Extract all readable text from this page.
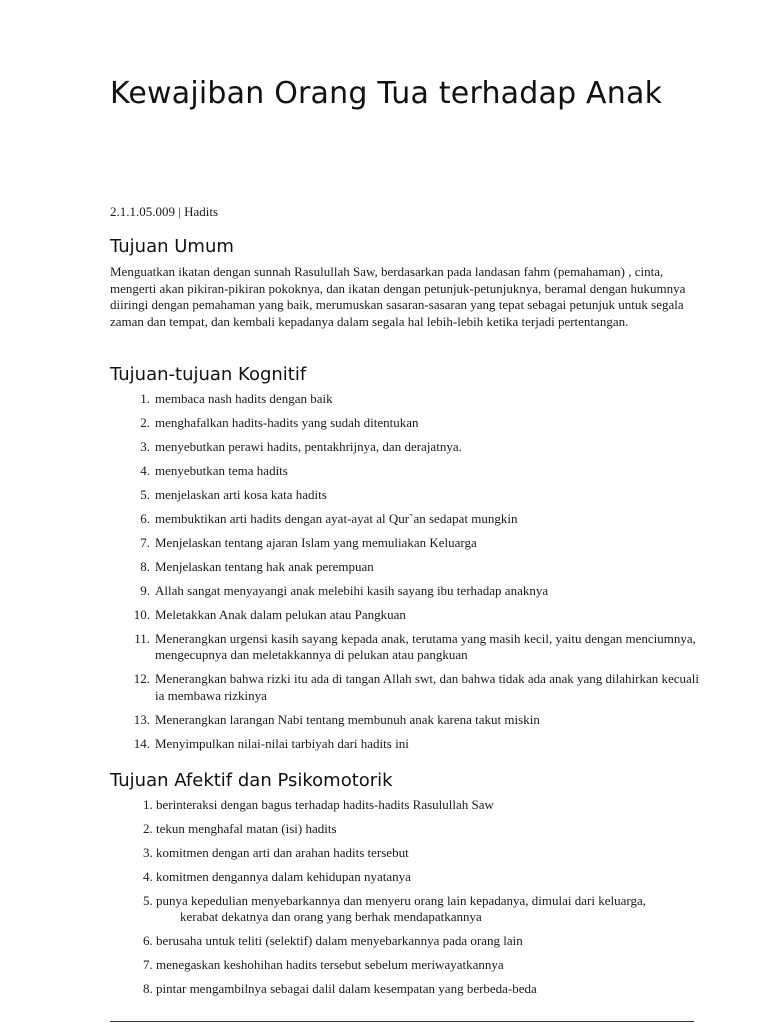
Kewajiban Orang Tua terhadap Anak
2.1.1.05.009 | Hadits
Tujuan Umum

Menguatkan ikatan dengan sunnah Rasulullah Saw, berdasarkan pada landasan fahm (pemahaman) , cinta, mengerti akan pikiran-pikiran pokoknya, dan ikatan dengan petunjuk-petunjuknya, beramal dengan hukumnya diiringi dengan pemahaman yang baik, merumuskan sasaran-sasaran yang tepat sebagai petunjuk untuk segala zaman dan tempat, dan kembali kepadanya dalam segala hal lebih-lebih ketika terjadi pertentangan.

Tujuan-tujuan Kognitif
1. membaca nash hadits dengan baik
2. menghafalkan hadits-hadits yang sudah ditentukan
3. menyebutkan perawi hadits, pentakhrijnya, dan derajatnya.
4. menyebutkan tema hadits
5. menjelaskan arti kosa kata hadits
6. membuktikan arti hadits dengan ayat-ayat al Qur`an sedapat mungkin
7. Menjelaskan tentang ajaran Islam yang memuliakan Keluarga
8. Menjelaskan tentang hak anak perempuan
9. Allah sangat menyayangi anak melebihi kasih sayang ibu terhadap anaknya
10. Meletakkan Anak dalam pelukan atau Pangkuan
11. Menerangkan urgensi kasih sayang kepada anak, terutama yang masih kecil, yaitu dengan menciumnya, mengecupnya dan meletakkannya di pelukan atau pangkuan
12. Menerangkan bahwa rizki itu ada di tangan Allah swt, dan bahwa tidak ada anak yang dilahirkan kecuali ia membawa rizkinya
13. Menerangkan larangan Nabi tentang membunuh anak karena takut miskin
14. Menyimpulkan nilai-nilai tarbiyah dari hadits ini
Tujuan Afektif dan Psikomotorik
1. berinteraksi dengan bagus terhadap hadits-hadits Rasulullah Saw
2. tekun menghafal matan (isi) hadits
3. komitmen dengan arti dan arahan hadits tersebut
4. komitmen dengannya dalam kehidupan nyatanya
5. punya kepedulian menyebarkannya dan menyeru orang lain kepadanya, dimulai dari keluarga,
kerabat dekatnya dan orang yang berhak mendapatkannya
6. berusaha untuk teliti (selektif) dalam menyebarkannya pada orang lain
7. menegaskan keshohihan hadits tersebut sebelum meriwayatkannya
8. pintar mengambilnya sebagai dalil dalam kesempatan yang berbeda-beda
